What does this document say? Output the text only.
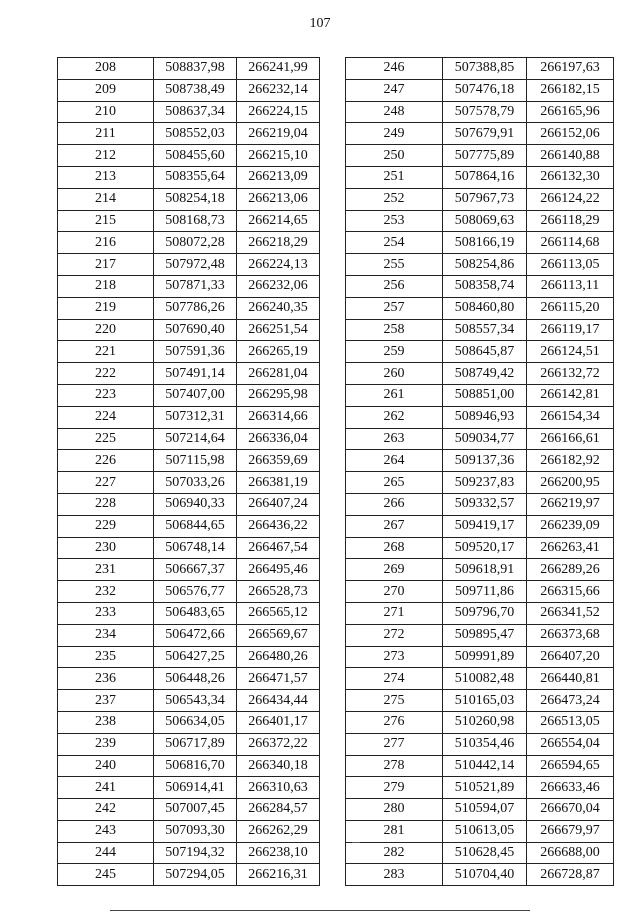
107
208	508837,98	266241,99
209	508738,49	266232,14
210	508637,34	266224,15
211	508552,03	266219,04
212	508455,60	266215,10
213	508355,64	266213,09
214	508254,18	266213,06
215	508168,73	266214,65
216	508072,28	266218,29
217	507972,48	266224,13
218	507871,33	266232,06
219	507786,26	266240,35
220	507690,40	266251,54
221	507591,36	266265,19
222	507491,14	266281,04
223	507407,00	266295,98
224	507312,31	266314,66
225	507214,64	266336,04
226	507115,98	266359,69
227	507033,26	266381,19
228	506940,33	266407,24
229	506844,65	266436,22
230	506748,14	266467,54
231	506667,37	266495,46
232	506576,77	266528,73
233	506483,65	266565,12
234	506472,66	266569,67
235	506427,25	266480,26
236	506448,26	266471,57
237	506543,34	266434,44
238	506634,05	266401,17
239	506717,89	266372,22
240	506816,70	266340,18
241	506914,41	266310,63
242	507007,45	266284,57
243	507093,30	266262,29
244	507194,32	266238,10
245	507294,05	266216,31
246	507388,85	266197,63
247	507476,18	266182,15
248	507578,79	266165,96
249	507679,91	266152,06
250	507775,89	266140,88
251	507864,16	266132,30
252	507967,73	266124,22
253	508069,63	266118,29
254	508166,19	266114,68
255	508254,86	266113,05
256	508358,74	266113,11
257	508460,80	266115,20
258	508557,34	266119,17
259	508645,87	266124,51
260	508749,42	266132,72
261	508851,00	266142,81
262	508946,93	266154,34
263	509034,77	266166,61
264	509137,36	266182,92
265	509237,83	266200,95
266	509332,57	266219,97
267	509419,17	266239,09
268	509520,17	266263,41
269	509618,91	266289,26
270	509711,86	266315,66
271	509796,70	266341,52
272	509895,47	266373,68
273	509991,89	266407,20
274	510082,48	266440,81
275	510165,03	266473,24
276	510260,98	266513,05
277	510354,46	266554,04
278	510442,14	266594,65
279	510521,89	266633,46
280	510594,07	266670,04
281	510613,05	266679,97
282	510628,45	266688,00
283	510704,40	266728,87
